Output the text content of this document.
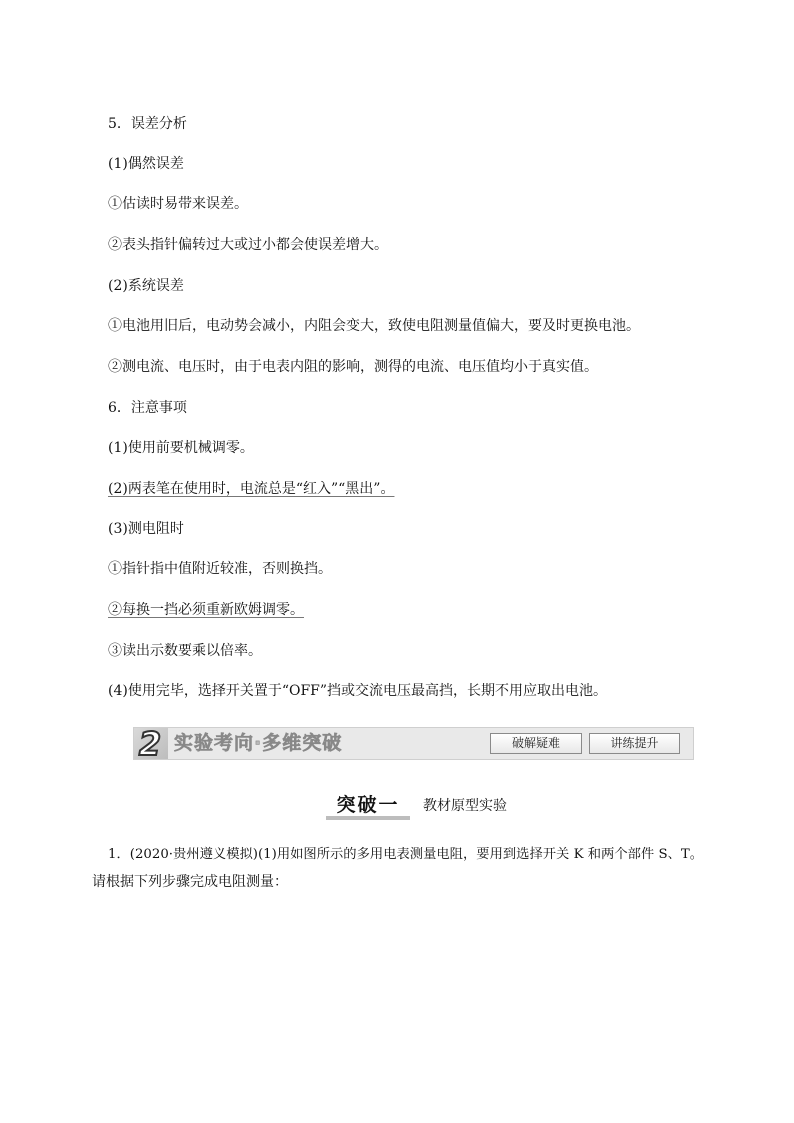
5．误差分析
(1)偶然误差
①估读时易带来误差。
②表头指针偏转过大或过小都会使误差增大。
(2)系统误差
①电池用旧后，电动势会减小，内阻会变大，致使电阻测量值偏大，要及时更换电池。
②测电流、电压时，由于电表内阻的影响，测得的电流、电压值均小于真实值。
6．注意事项
(1)使用前要机械调零。
(2)两表笔在使用时，电流总是“红入”“黑出”。
(3)测电阻时
①指针指中值附近较准，否则换挡。
②每换一挡必须重新欧姆调零。
③读出示数要乘以倍率。
(4)使用完毕，选择开关置于“OFF”挡或交流电压最高挡，长期不用应取出电池。
2 实验考向·多维突破	破解疑难	讲练提升
突破一	教材原型实验
1．(2020·贵州遵义模拟)(1)用如图所示的多用电表测量电阻，要用到选择开关 K 和两个部件 S、T。
请根据下列步骤完成电阻测量：
